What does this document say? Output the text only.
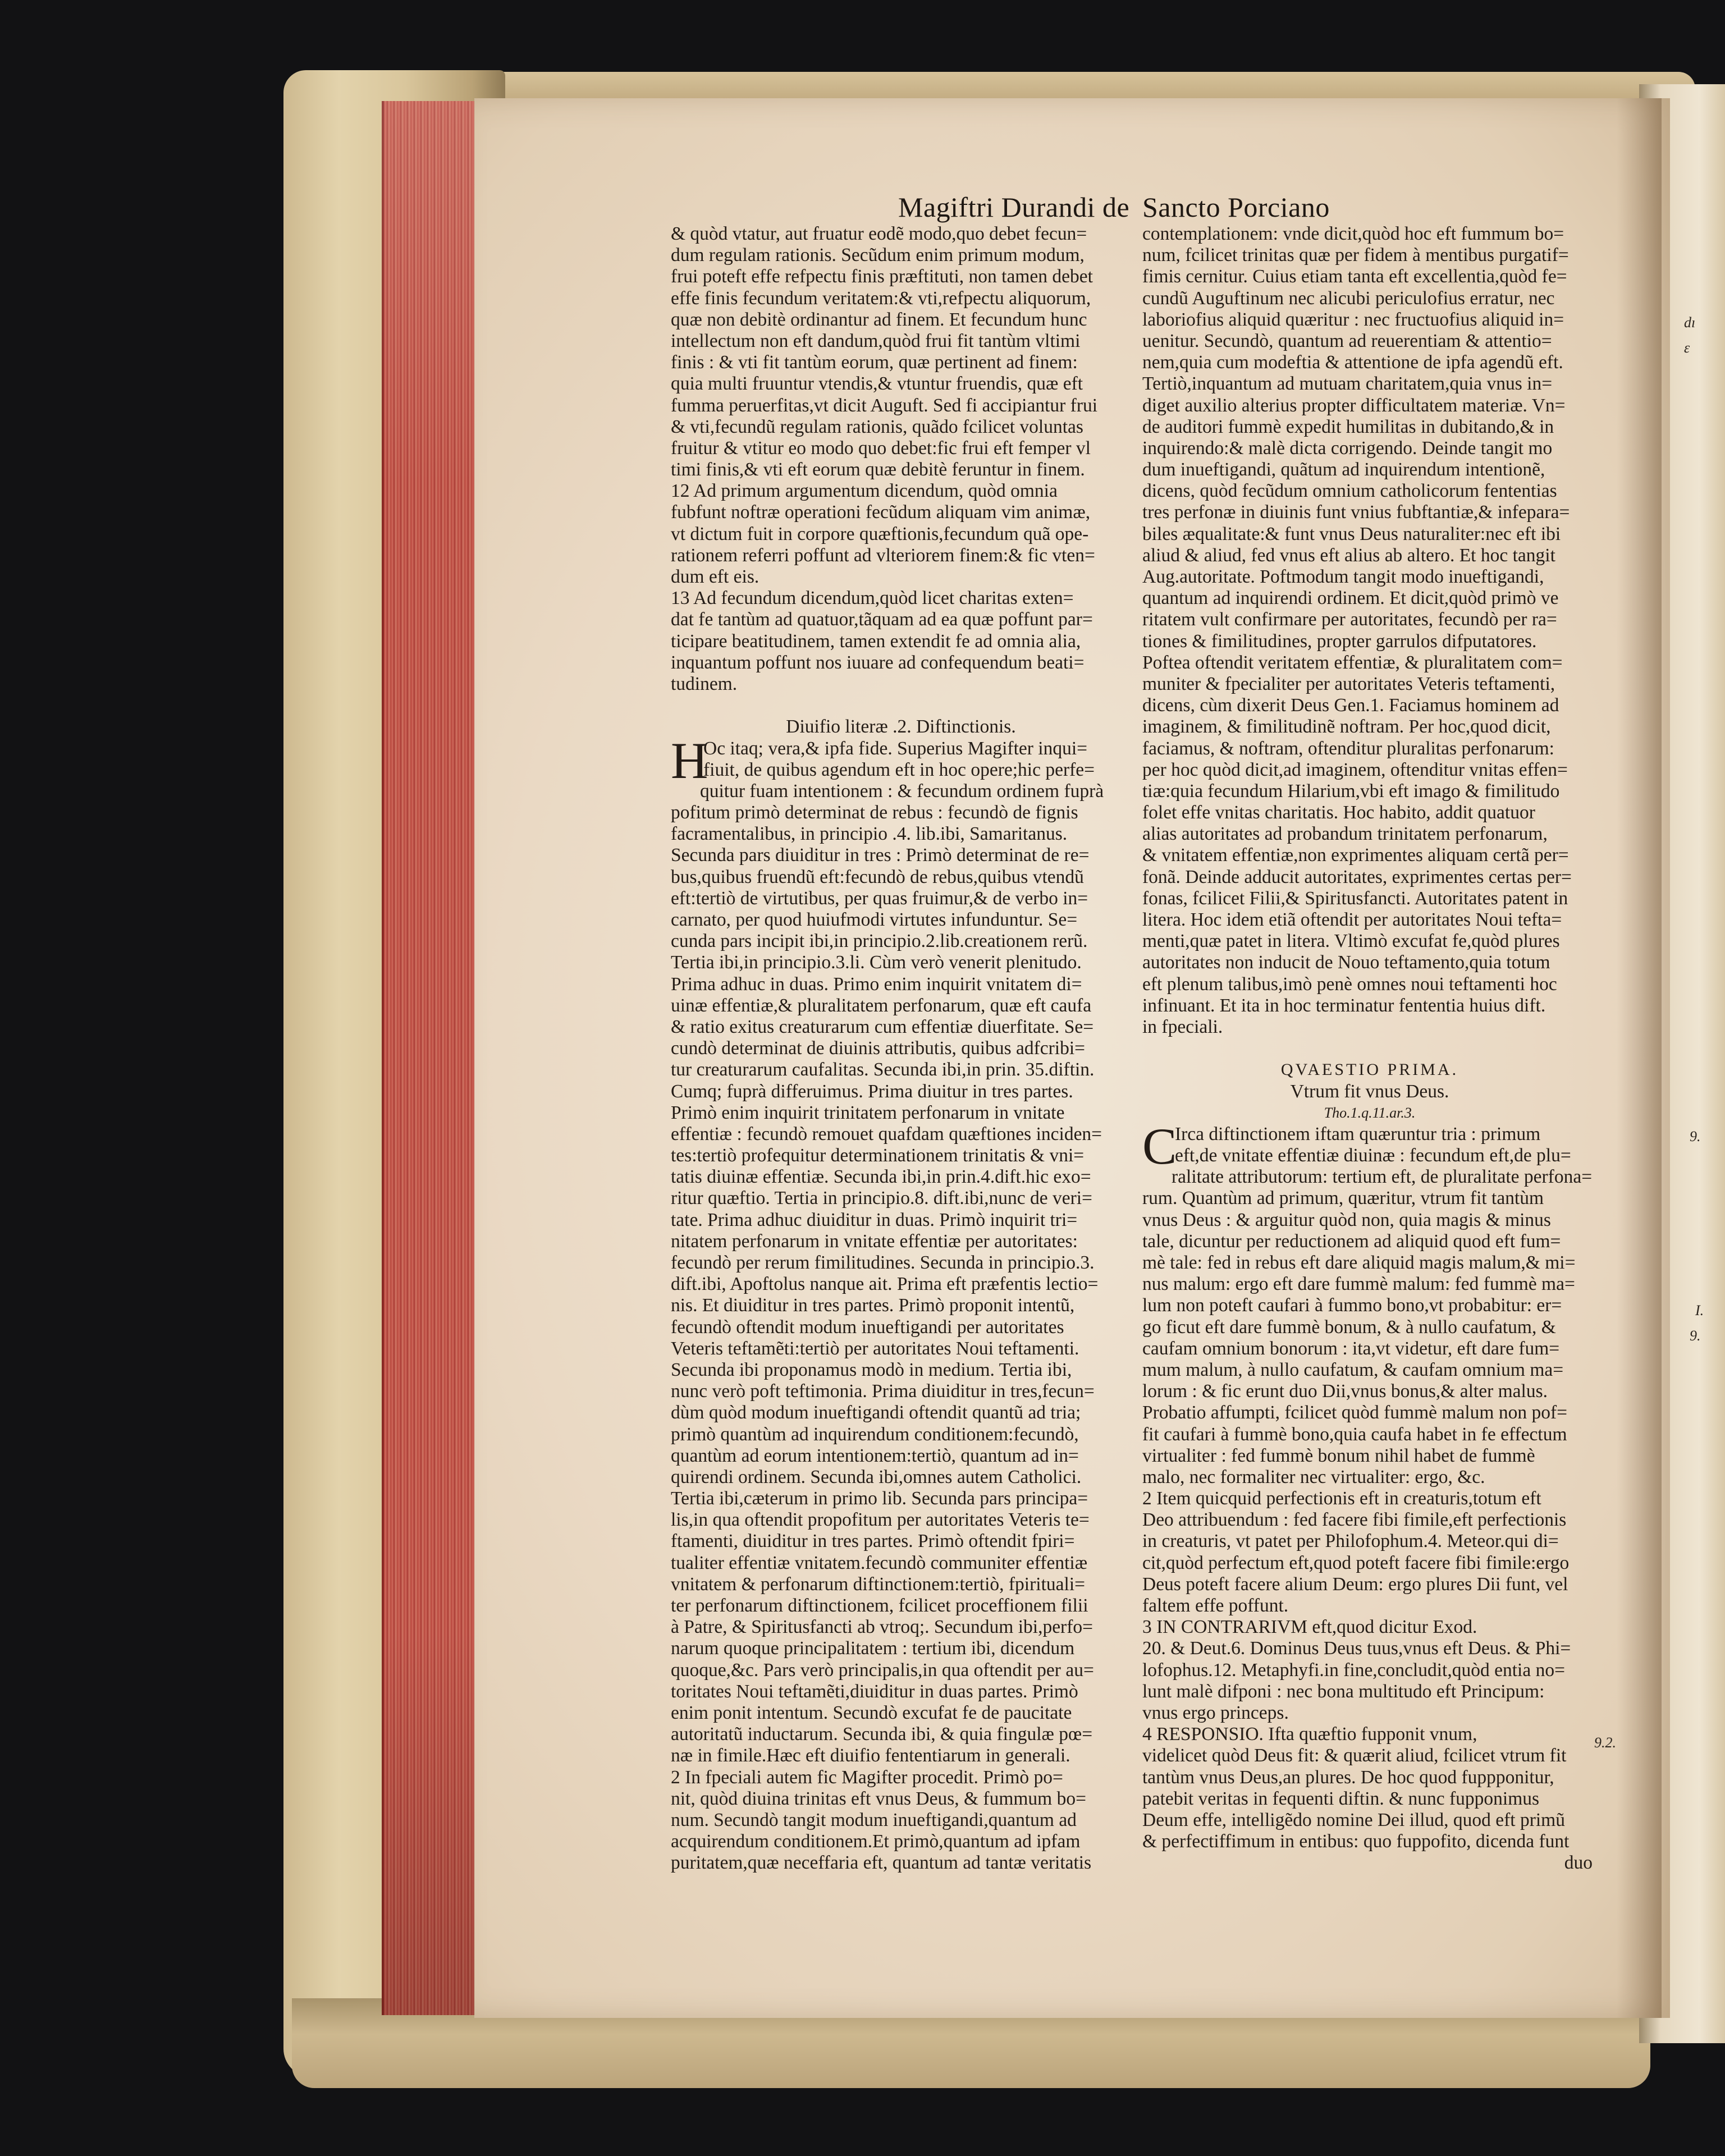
Magiftri Durandi de Sancto Porciano
& quòd vtatur, aut fruatur eodẽ modo,quo debet fecun=
dum regulam rationis. Secũdum enim primum modum,
frui poteft effe refpectu finis præftituti, non tamen debet
effe finis fecundum veritatem:& vti,refpectu aliquorum,
quæ non debitè ordinantur ad finem. Et fecundum hunc
intellectum non eft dandum,quòd frui fit tantùm vltimi
finis : & vti fit tantùm eorum, quæ pertinent ad finem:
quia multi fruuntur vtendis,& vtuntur fruendis, quæ eft
fumma peruerfitas,vt dicit Auguft. Sed fi accipiantur frui
& vti,fecundũ regulam rationis, quãdo fcilicet voluntas
fruitur & vtitur eo modo quo debet:fic frui eft femper vl
timi finis,& vti eft eorum quæ debitè feruntur in finem.
12 Ad primum argumentum dicendum, quòd omnia
fubfunt noftræ operationi fecũdum aliquam vim animæ,
vt dictum fuit in corpore quæftionis,fecundum quã ope-
rationem referri poffunt ad vlteriorem finem:& fic vten=
dum eft eis.
13 Ad fecundum dicendum,quòd licet charitas exten=
dat fe tantùm ad quatuor,tãquam ad ea quæ poffunt par=
ticipare beatitudinem, tamen extendit fe ad omnia alia,
inquantum poffunt nos iuuare ad confequendum beati=
tudinem.
Diuifio literæ .2. Diftinctionis.
H
Oc itaq; vera,& ipfa fide. Superius Magifter inqui=
fiuit, de quibus agendum eft in hoc opere;hic perfe=
quitur fuam intentionem : & fecundum ordinem fuprà
pofitum primò determinat de rebus : fecundò de fignis
facramentalibus, in principio .4. lib.ibi, Samaritanus.
Secunda pars diuiditur in tres : Primò determinat de re=
bus,quibus fruendũ eft:fecundò de rebus,quibus vtendũ
eft:tertiò de virtutibus, per quas fruimur,& de verbo in=
carnato, per quod huiufmodi virtutes infunduntur. Se=
cunda pars incipit ibi,in principio.2.lib.creationem rerũ.
Tertia ibi,in principio.3.li. Cùm verò venerit plenitudo.
Prima adhuc in duas. Primo enim inquirit vnitatem di=
uinæ effentiæ,& pluralitatem perfonarum, quæ eft caufa
& ratio exitus creaturarum cum effentiæ diuerfitate. Se=
cundò determinat de diuinis attributis, quibus adfcribi=
tur creaturarum caufalitas. Secunda ibi,in prin. 35.diftin.
Cumq; fuprà differuimus. Prima diuitur in tres partes.
Primò enim inquirit trinitatem perfonarum in vnitate
effentiæ : fecundò remouet quafdam quæftiones inciden=
tes:tertiò profequitur determinationem trinitatis & vni=
tatis diuinæ effentiæ. Secunda ibi,in prin.4.dift.hic exo=
ritur quæftio. Tertia in principio.8. dift.ibi,nunc de veri=
tate. Prima adhuc diuiditur in duas. Primò inquirit tri=
nitatem perfonarum in vnitate effentiæ per autoritates:
fecundò per rerum fimilitudines. Secunda in principio.3.
dift.ibi, Apoftolus nanque ait. Prima eft præfentis lectio=
nis. Et diuiditur in tres partes. Primò proponit intentũ,
fecundò oftendit modum inueftigandi per autoritates
Veteris teftamẽti:tertiò per autoritates Noui teftamenti.
Secunda ibi proponamus modò in medium. Tertia ibi,
nunc verò poft teftimonia. Prima diuiditur in tres,fecun=
dùm quòd modum inueftigandi oftendit quantũ ad tria;
primò quantùm ad inquirendum conditionem:fecundò,
quantùm ad eorum intentionem:tertiò, quantum ad in=
quirendi ordinem. Secunda ibi,omnes autem Catholici.
Tertia ibi,cæterum in primo lib. Secunda pars principa=
lis,in qua oftendit propofitum per autoritates Veteris te=
ftamenti, diuiditur in tres partes. Primò oftendit fpiri=
tualiter effentiæ vnitatem.fecundò communiter effentiæ
vnitatem & perfonarum diftinctionem:tertiò, fpirituali=
ter perfonarum diftinctionem, fcilicet proceffionem filii
à Patre, & Spiritusfancti ab vtroq;. Secundum ibi,perfo=
narum quoque principalitatem : tertium ibi, dicendum
quoque,&c. Pars verò principalis,in qua oftendit per au=
toritates Noui teftamẽti,diuiditur in duas partes. Primò
enim ponit intentum. Secundò excufat fe de paucitate
autoritatũ inductarum. Secunda ibi, & quia fingulæ pœ=
næ in fimile.Hæc eft diuifio fententiarum in generali.
2 In fpeciali autem fic Magifter procedit. Primò po=
nit, quòd diuina trinitas eft vnus Deus, & fummum bo=
num. Secundò tangit modum inueftigandi,quantum ad
acquirendum conditionem.Et primò,quantum ad ipfam
puritatem,quæ neceffaria eft, quantum ad tantæ veritatis
contemplationem: vnde dicit,quòd hoc eft fummum bo=
num, fcilicet trinitas quæ per fidem à mentibus purgatif=
fimis cernitur. Cuius etiam tanta eft excellentia,quòd fe=
cundũ Auguftinum nec alicubi periculofius erratur, nec
laboriofius aliquid quæritur : nec fructuofius aliquid in=
uenitur. Secundò, quantum ad reuerentiam & attentio=
nem,quia cum modeftia & attentione de ipfa agendũ eft.
Tertiò,inquantum ad mutuam charitatem,quia vnus in=
diget auxilio alterius propter difficultatem materiæ. Vn=
de auditori fummè expedit humilitas in dubitando,& in
inquirendo:& malè dicta corrigendo. Deinde tangit mo
dum inueftigandi, quãtum ad inquirendum intentionẽ,
dicens, quòd fecũdum omnium catholicorum fententias
tres perfonæ in diuinis funt vnius fubftantiæ,& infepara=
biles æqualitate:& funt vnus Deus naturaliter:nec eft ibi
aliud & aliud, fed vnus eft alius ab altero. Et hoc tangit
Aug.autoritate. Poftmodum tangit modo inueftigandi,
quantum ad inquirendi ordinem. Et dicit,quòd primò ve
ritatem vult confirmare per autoritates, fecundò per ra=
tiones & fimilitudines, propter garrulos difputatores.
Poftea oftendit veritatem effentiæ, & pluralitatem com=
muniter & fpecialiter per autoritates Veteris teftamenti,
dicens, cùm dixerit Deus Gen.1. Faciamus hominem ad
imaginem, & fimilitudinẽ noftram. Per hoc,quod dicit,
faciamus, & noftram, oftenditur pluralitas perfonarum:
per hoc quòd dicit,ad imaginem, oftenditur vnitas effen=
tiæ:quia fecundum Hilarium,vbi eft imago & fimilitudo
folet effe vnitas charitatis. Hoc habito, addit quatuor
alias autoritates ad probandum trinitatem perfonarum,
& vnitatem effentiæ,non exprimentes aliquam certã per=
fonã. Deinde adducit autoritates, exprimentes certas per=
fonas, fcilicet Filii,& Spiritusfancti. Autoritates patent in
litera. Hoc idem etiã oftendit per autoritates Noui tefta=
menti,quæ patet in litera. Vltimò excufat fe,quòd plures
autoritates non inducit de Nouo teftamento,quia totum
eft plenum talibus,imò penè omnes noui teftamenti hoc
infinuant. Et ita in hoc terminatur fententia huius dift.
in fpeciali.
QVAESTIO PRIMA.
Vtrum fit vnus Deus.
Tho.1.q.11.ar.3.
C
Irca diftinctionem iftam quæruntur tria : primum
eft,de vnitate effentiæ diuinæ : fecundum eft,de plu=
ralitate attributorum: tertium eft, de pluralitate perfona=
rum. Quantùm ad primum, quæritur, vtrum fit tantùm
vnus Deus : & arguitur quòd non, quia magis & minus
tale, dicuntur per reductionem ad aliquid quod eft fum=
mè tale: fed in rebus eft dare aliquid magis malum,& mi=
nus malum: ergo eft dare fummè malum: fed fummè ma=
lum non poteft caufari à fummo bono,vt probabitur: er=
go ficut eft dare fummè bonum, & à nullo caufatum, &
caufam omnium bonorum : ita,vt videtur, eft dare fum=
mum malum, à nullo caufatum, & caufam omnium ma=
lorum : & fic erunt duo Dii,vnus bonus,& alter malus.
Probatio affumpti, fcilicet quòd fummè malum non pof=
fit caufari à fummè bono,quia caufa habet in fe effectum
virtualiter : fed fummè bonum nihil habet de fummè
malo, nec formaliter nec virtualiter: ergo, &c.
2 Item quicquid perfectionis eft in creaturis,totum eft
Deo attribuendum : fed facere fibi fimile,eft perfectionis
in creaturis, vt patet per Philofophum.4. Meteor.qui di=
cit,quòd perfectum eft,quod poteft facere fibi fimile:ergo
Deus poteft facere alium Deum: ergo plures Dii funt, vel
faltem effe poffunt.
3 IN CONTRARIVM eft,quod dicitur Exod.
20. & Deut.6. Dominus Deus tuus,vnus eft Deus. & Phi=
lofophus.12. Metaphyfi.in fine,concludit,quòd entia no=
lunt malè difponi : nec bona multitudo eft Principum:
vnus ergo princeps.
4 RESPONSIO. Ifta quæftio fupponit vnum,
videlicet quòd Deus fit: & quærit aliud, fcilicet vtrum fit
tantùm vnus Deus,an plures. De hoc quod fuppponitur,
patebit veritas in fequenti diftin. & nunc fupponimus
Deum effe, intelligẽdo nomine Dei illud, quod eft primũ
& perfectiffimum in entibus: quo fuppofito, dicenda funt
duo
dı
ɛ
9.
9.2.
I.
9.
